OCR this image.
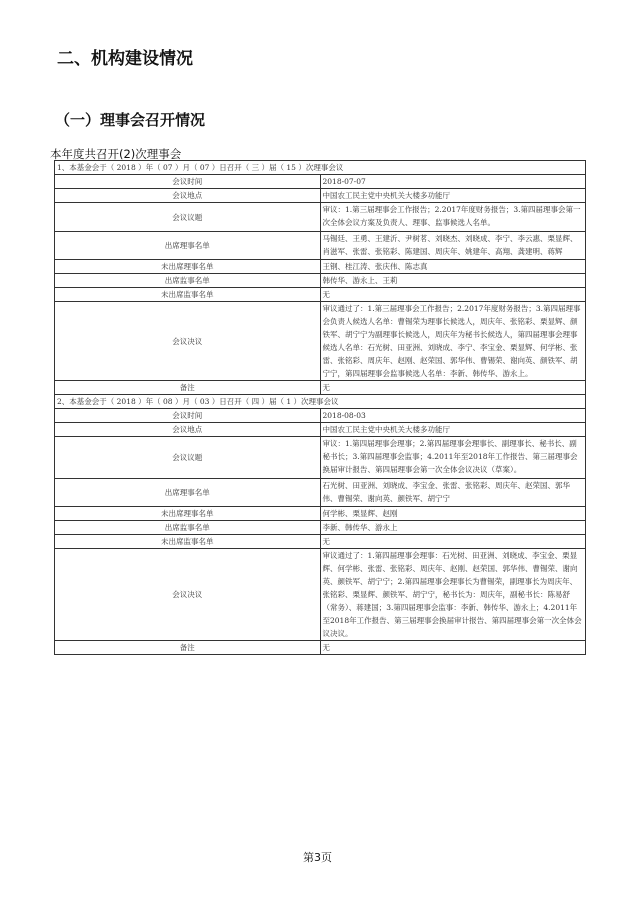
二、机构建设情况
（一）理事会召开情况
本年度共召开(2)次理事会
1、本基金会于（ 2018 ）年（ 07 ）月（ 07 ）日召开（ 三 ）届（ 15 ）次理事会议	
会议时间	2018-07-07
会议地点	中国农工民主党中央机关大楼多功能厅
会议议题	审议：1.第三届理事会工作报告；2.2017年度财务报告；3.第四届理事会第一次全体会议方案及负责人、理事、监事候选人名单。
出席理事名单	马锡廷、王勇、王建沂、尹树茗、刘晓杰、刘晓成、李宁、李云惠、栗显辉、肖滋军、张雷、张铭彩、陈建国、周庆年、姚建年、高翔、龚建明、蒋辉
未出席理事名单	王钢、桂江涛、张庆伟、陈志真
出席监事名单	韩传华、游永上、王莉
未出席监事名单	无
会议决议	审议通过了：1.第三届理事会工作报告；2.2017年度财务报告；3.第四届理事会负责人候选人名单：曹锡荣为理事长候选人，周庆年、张铭彩、栗显辉、颜铁军、胡宁宁为副理事长候选人，周庆年为秘书长候选人，第四届理事会理事候选人名单：石光树、田亚洲、刘晓成、李宁、李宝金、栗显辉、何学彬、张雷、张铭彩、周庆年、赵刚、赵荣国、郭华伟、曹锡荣、谢向英、颜铁军、胡宁宁，第四届理事会监事候选人名单：李新、韩传华、游永上。
备注	无
2、本基金会于（ 2018 ）年（ 08 ）月（ 03 ）日召开（ 四 ）届（ 1 ）次理事会议	
会议时间	2018-08-03
会议地点	中国农工民主党中央机关大楼多功能厅
会议议题	审议：1.第四届理事会理事；2.第四届理事会理事长、副理事长、秘书长、副秘书长；3.第四届理事会监事；4.2011年至2018年工作报告、第三届理事会换届审计报告、第四届理事会第一次全体会议决议（草案）。
出席理事名单	石光树、田亚洲、刘晓成、李宝金、张雷、张铭彩、周庆年、赵荣国、郭华伟、曹锡荣、谢向英、颜铁军、胡宁宁
未出席理事名单	何学彬、栗显辉、赵刚
出席监事名单	李新、韩传华、游永上
未出席监事名单	无
会议决议	审议通过了：1.第四届理事会理事：石光树、田亚洲、刘晓成、李宝金、栗显辉、何学彬、张雷、张铭彩、周庆年、赵刚、赵荣国、郭华伟、曹锡荣、谢向英、颜铁军、胡宁宁；2.第四届理事会理事长为曹锡荣，副理事长为周庆年、张铭彩、栗显辉、颜铁军、胡宁宁，秘书长为：周庆年，副秘书长：陈易舒（常务）、蒋建国；3.第四届理事会监事：李新、韩传华、游永上；4.2011年至2018年工作报告、第三届理事会换届审计报告、第四届理事会第一次全体会议决议。
备注	无
第3页
